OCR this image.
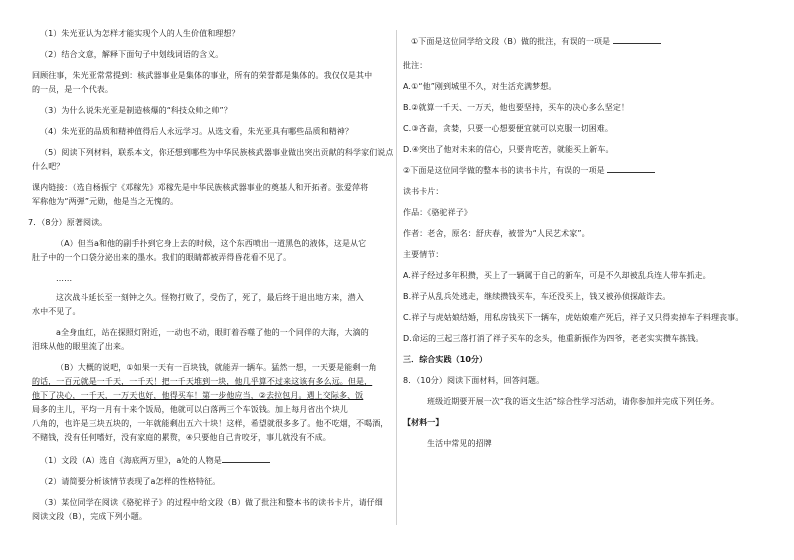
（1）朱光亚认为怎样才能实现个人的人生价值和理想？
（2）结合文意，解释下面句子中划线词语的含义。
回顾往事，朱光亚常常提到：核武器事业是集体的事业，所有的荣誉都是集体的。我仅仅是其中
的一员，是一个代表。
（3）为什么说朱光亚是制造核爆的“科技众帅之帅”？
（4）朱光亚的品质和精神值得后人永远学习。从选文看，朱光亚具有哪些品质和精神？
（5）阅读下列材料，联系本文，你还想到哪些为中华民族核武器事业做出突出贡献的科学家们说点
什么吧？
课内链接：（选自杨振宁《邓稼先》邓稼先是中华民族核武器事业的奠基人和开拓者。张爱萍将
军称他为“两弹”元勋，他是当之无愧的。
7．（8分）原著阅读。
（A）但当a和他的副手扑到它身上去的时候，这个东西喷出一道黑色的液体，这是从它
肚子中的一个口袋分泌出来的墨水。我们的眼睛都被弄得昏花看不见了。
……
这次战斗延长至一刻钟之久。怪物打败了，受伤了，死了，最后终于退出地方来，潜入
水中不见了。
a全身血红，站在探照灯附近，一动也不动，眼盯着吞噬了他的一个同伴的大海，大滴的
泪珠从他的眼里流了出来。
（B）大概的说吧，①如果一天有一百块钱，就能弄一辆车。猛然一想，一天要是能剩一角
的话，一百元就是一千天，一千天！把一千天堆到一块，他几乎算不过来这该有多么远。但是，
他下了决心，一千天，一万天也好，他得买车！第一步他应当，②去拉包月。遇上交际多、饭
局多的主儿，平均一月有十来个饭局，他就可以白落两三个车饭钱。加上每月省出个块儿
八角的，也许是三块五块的，一年就能剩出五六十块！这样，希望就很多多了。他不吃烟，不喝酒，
不赌钱，没有任何嗜好，没有家庭的累赘，④只要他自己肯咬牙，事儿就没有不成。
（1）文段（A）选自《海底两万里》，a处的人物是
（2）请简要分析该情节表现了a怎样的性格特征。
（3）某位同学在阅读《骆驼祥子》的过程中给文段（B）做了批注和整本书的读书卡片，请仔细
阅读文段（B），完成下列小题。
①下面是这位同学给文段（B）做的批注，有误的一项是
批注：
A.①“他”刚到城里不久，对生活充满梦想。
B.②就算一千天、一万天，他也要坚持，买车的决心多么坚定！
C.③吝啬，贪婪，只要一心想要便宜就可以克服一切困难。
D.④突出了他对未来的信心，只要肯吃苦，就能买上新车。
②下面是这位同学做的整本书的读书卡片，有误的一项是
读书卡片：
作品：《骆驼祥子》
作者：老舍，原名：舒庆春，被誉为“人民艺术家”。
主要情节：
A.祥子经过多年积攒，买上了一辆属于自己的新车，可是不久却被乱兵连人带车抓走。
B.祥子从乱兵处逃走，继续攒钱买车，车还没买上，钱又被孙侦探敲诈去。
C.祥子与虎姑娘结婚，用私房钱买下一辆车，虎姑娘难产死后，祥子又只得卖掉车子料理丧事。
D.命运的三起三落打消了祥子买车的念头，他重新振作为四爷，老老实实攒车拣钱。
三．综合实践（10分）
8．（10分）阅读下面材料，回答问题。
班级近期要开展一次“我的语文生活”综合性学习活动，请你参加并完成下列任务。
【材料一】
生活中常见的招牌
